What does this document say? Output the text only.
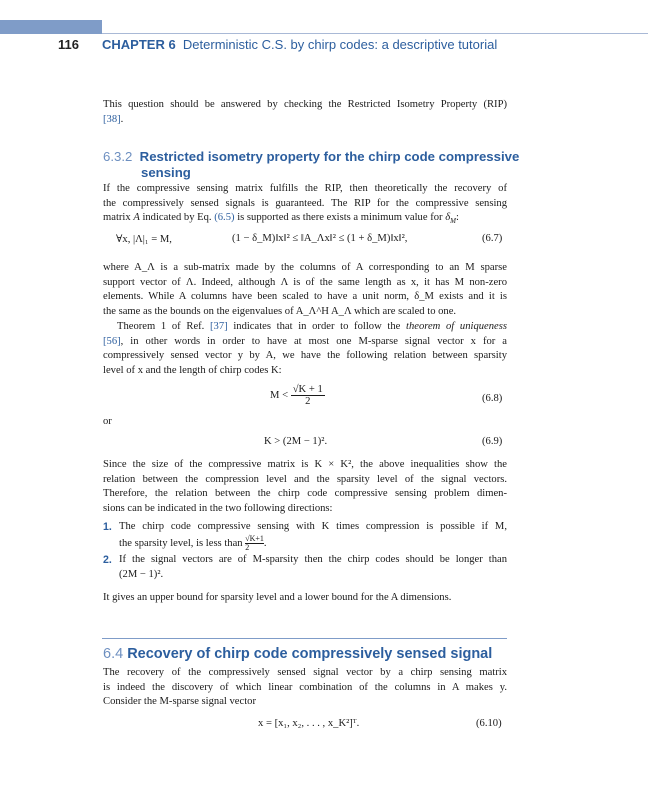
116 CHAPTER 6 Deterministic C.S. by chirp codes: a descriptive tutorial
This question should be answered by checking the Restricted Isometry Property (RIP)
[38].
6.3.2 Restricted isometry property for the chirp code compressive
sensing
If the compressive sensing matrix fulfills the RIP, then theoretically the recovery of
the compressively sensed signals is guaranteed. The RIP for the compressive sensing
matrix A indicated by Eq. (6.5) is supported as there exists a minimum value for $\delta_M$:
∀x, |Λ|₁ = M,	(1 − δ_M)‖x‖² ≤ ‖A_Λx‖² ≤ (1 + δ_M)‖x‖²,	(6.7)
where A_Λ is a sub-matrix made by the columns of A corresponding to an M sparse
support vector of Λ. Indeed, although Λ is of the same length as x, it has M non-zero
elements. While A columns have been scaled to have a unit norm, δ_M exists and it is
the same as the bounds on the eigenvalues of A_Λ^H A_Λ which are scaled to one.
Theorem 1 of Ref. [37] indicates that in order to follow the theorem of uniqueness
[56], in other words in order to have at most one M-sparse signal vector x for a
compressively sensed vector y by A, we have the following relation between sparsity
level of x and the length of chirp codes K:
$M < \frac{√K + 1}{2}$	(6.8)
or
K > (2M − 1)².	(6.9)
Since the size of the compressive matrix is K × K², the above inequalities show the
relation between the compression level and the sparsity level of the signal vectors.
Therefore, the relation between the chirp code compressive sensing problem dimen-
sions can be indicated in the two following directions:
1. The chirp code compressive sensing with K times compression is possible if M,
the sparsity level, is less than $\frac{√K+1}{2}$.
2. If the signal vectors are of M-sparsity then the chirp codes should be longer than
(2M − 1)².
It gives an upper bound for sparsity level and a lower bound for the A dimensions.
6.4 Recovery of chirp code compressively sensed signal
The recovery of the compressively sensed signal vector by a chirp sensing matrix
is indeed the discovery of which linear combination of the columns in A makes y.
Consider the M-sparse signal vector
x = [x₁, x₂, . . . , x_K²]ᵀ.	(6.10)
